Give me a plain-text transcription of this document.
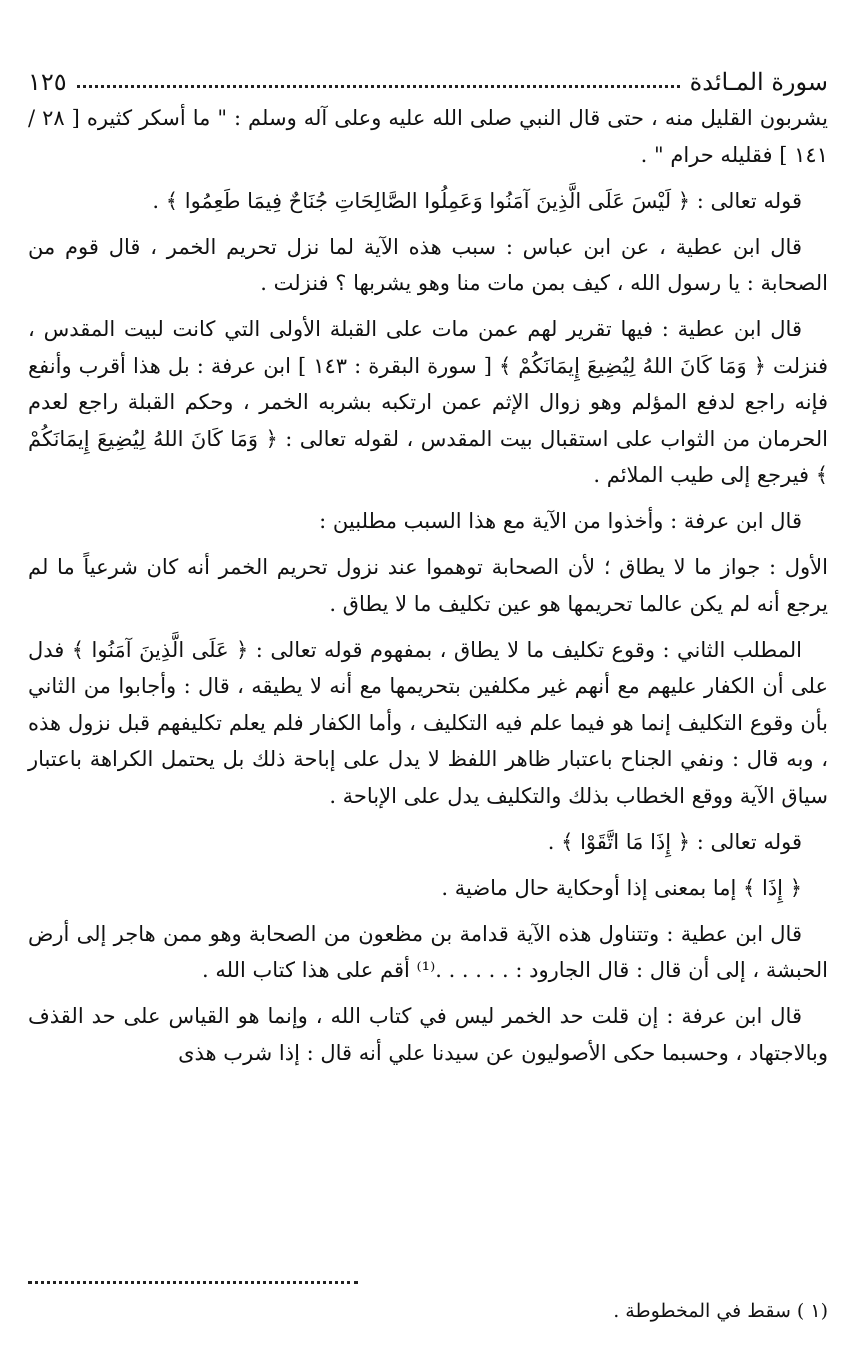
سورة المـائدة
١٢٥

يشربون القليل منه ، حتى قال النبي صلى الله عليه وعلى آله وسلم : " ما أسكر كثيره [ ٢٨ / ١٤١ ] فقليله حرام " .

قوله تعالى : ﴿ لَيْسَ عَلَى الَّذِينَ آمَنُوا وَعَمِلُوا الصَّالِحَاتِ جُنَاحٌ فِيمَا طَعِمُوا ﴾ .

قال ابن عطية ، عن ابن عباس : سبب هذه الآية لما نزل تحريم الخمر ، قال قوم من الصحابة : يا رسول الله ، كيف بمن مات منا وهو يشربها ؟ فنزلت .

قال ابن عطية : فيها تقرير لهم عمن مات على القبلة الأولى التي كانت لبيت المقدس ، فنزلت ﴿ وَمَا كَانَ اللهُ لِيُضِيعَ إِيمَانَكُمْ ﴾ [ سورة البقرة : ١٤٣ ] ابن عرفة : بل هذا أقرب وأنفع فإنه راجع لدفع المؤلم وهو زوال الإثم عمن ارتكبه بشربه الخمر ، وحكم القبلة راجع لعدم الحرمان من الثواب على استقبال بيت المقدس ، لقوله تعالى : ﴿ وَمَا كَانَ اللهُ لِيُضِيعَ إِيمَانَكُمْ ﴾ فيرجع إلى طيب الملائم .

قال ابن عرفة : وأخذوا من الآية مع هذا السبب مطلبين :

الأول : جواز ما لا يطاق ؛ لأن الصحابة توهموا عند نزول تحريم الخمر أنه كان شرعياً ما لم يرجع أنه لم يكن عالما تحريمها هو عين تكليف ما لا يطاق .

المطلب الثاني : وقوع تكليف ما لا يطاق ، بمفهوم قوله تعالى : ﴿ عَلَى الَّذِينَ آمَنُوا ﴾ فدل على أن الكفار عليهم مع أنهم غير مكلفين بتحريمها مع أنه لا يطيقه ، قال : وأجابوا من الثاني بأن وقوع التكليف إنما هو فيما علم فيه التكليف ، وأما الكفار فلم يعلم تكليفهم قبل نزول هذه ، وبه قال : ونفي الجناح باعتبار ظاهر اللفظ لا يدل على إباحة ذلك بل يحتمل الكراهة باعتبار سياق الآية ووقع الخطاب بذلك والتكليف يدل على الإباحة .

قوله تعالى : ﴿ إِذَا مَا اتَّقَوْا ﴾ .

﴿ إِذَا ﴾ إما بمعنى إذا أوحكاية حال ماضية .

قال ابن عطية : وتتناول هذه الآية قدامة بن مظعون من الصحابة وهو ممن هاجر إلى أرض الحبشة ، إلى أن قال : قال الجارود : . . . . . .⁽¹⁾ أقم على هذا كتاب الله .

قال ابن عرفة : إن قلت حد الخمر ليس في كتاب الله ، وإنما هو القياس على حد القذف وبالاجتهاد ، وحسبما حكى الأصوليون عن سيدنا علي أنه قال : إذا شرب هذى

(١ ) سقط في المخطوطة .
